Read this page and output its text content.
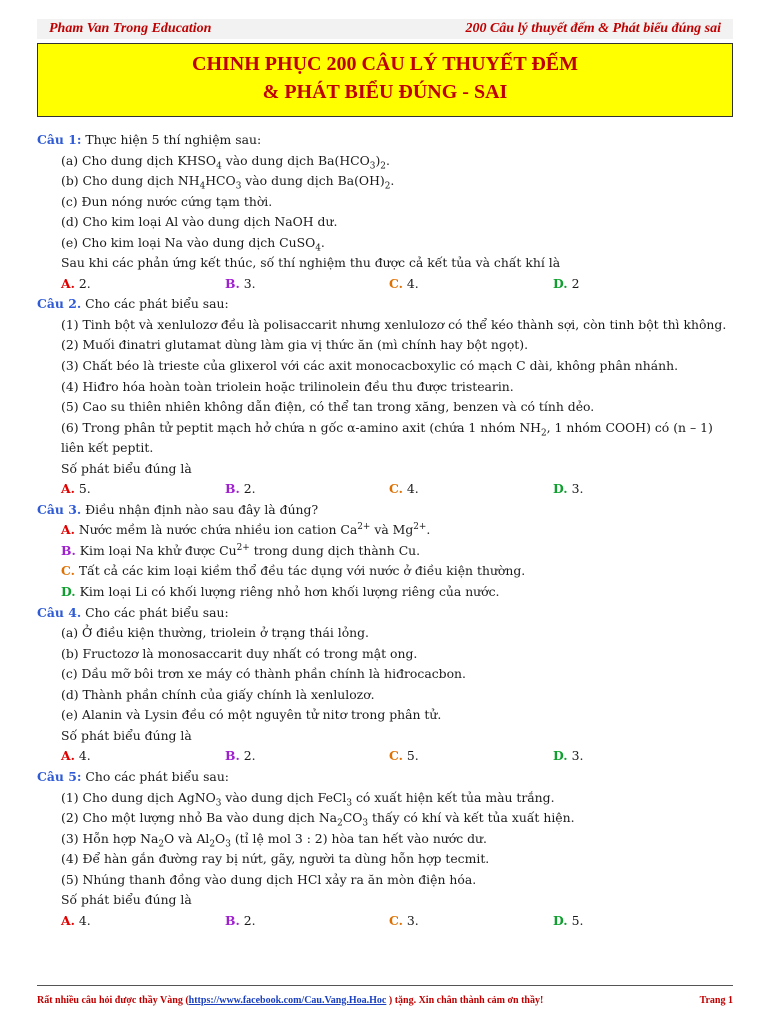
Pham Van Trong Education	200 Câu lý thuyết đếm & Phát biểu đúng sai
CHINH PHỤC 200 CÂU LÝ THUYẾT ĐẾM
& PHÁT BIỂU ĐÚNG - SAI
Câu 1: Thực hiện 5 thí nghiệm sau:
(a) Cho dung dịch $KHSO_4$ vào dung dịch $Ba(HCO_3)_2$.
(b) Cho dung dịch $NH_4HCO_3$ vào dung dịch $Ba(OH)_2$.
(c) Đun nóng nước cứng tạm thời.
(d) Cho kim loại Al vào dung dịch NaOH dư.
(e) Cho kim loại Na vào dung dịch CuSO$_4$.
Sau khi các phản ứng kết thúc, số thí nghiệm thu được cả kết tủa và chất khí là
A. 2.	B. 3.	C. 4.	D. 2
Câu 2. Cho các phát biểu sau:
(1) Tinh bột và xenlulozơ đều là polisaccarit nhưng xenlulozơ có thể kéo thành sợi, còn tinh bột thì không.
(2) Muối đinatri glutamat dùng làm gia vị thức ăn (mì chính hay bột ngọt).
(3) Chất béo là trieste của glixerol với các axit monocacboxylic có mạch C dài, không phân nhánh.
(4) Hiđro hóa hoàn toàn triolein hoặc trilinolein đều thu được tristearin.
(5) Cao su thiên nhiên không dẫn điện, có thể tan trong xăng, benzen và có tính dẻo.
(6) Trong phân tử peptit mạch hở chứa n gốc α-amino axit (chứa 1 nhóm $NH_2$, 1 nhóm COOH) có (n – 1) liên kết peptit.
Số phát biểu đúng là
A. 5.	B. 2.	C. 4.	D. 3.
Câu 3. Điều nhận định nào sau đây là đúng?
A. Nước mềm là nước chứa nhiều ion cation $Ca^{2+}$ và $Mg^{2+}$.
B. Kim loại Na khử được $Cu^{2+}$ trong dung dịch thành Cu.
C. Tất cả các kim loại kiềm thổ đều tác dụng với nước ở điều kiện thường.
D. Kim loại Li có khối lượng riêng nhỏ hơn khối lượng riêng của nước.
Câu 4. Cho các phát biểu sau:
(a) Ở điều kiện thường, triolein ở trạng thái lỏng.
(b) Fructozơ là monosaccarit duy nhất có trong mật ong.
(c) Dầu mỡ bôi trơn xe máy có thành phần chính là hiđrocacbon.
(d) Thành phần chính của giấy chính là xenlulozơ.
(e) Alanin và Lysin đều có một nguyên tử nitơ trong phân tử.
Số phát biểu đúng là
A. 4.	B. 2.	C. 5.	D. 3.
Câu 5: Cho các phát biểu sau:
(1) Cho dung dịch AgNO$_3$ vào dung dịch FeCl$_3$ có xuất hiện kết tủa màu trắng.
(2) Cho một lượng nhỏ Ba vào dung dịch $Na_2CO_3$ thấy có khí và kết tủa xuất hiện.
(3) Hỗn hợp $Na_2O$ và $Al_2O_3$ (tỉ lệ mol 3 : 2) hòa tan hết vào nước dư.
(4) Để hàn gắn đường ray bị nứt, gãy, người ta dùng hỗn hợp tecmit.
(5) Nhúng thanh đồng vào dung dịch HCl xảy ra ăn mòn điện hóa.
Số phát biểu đúng là
A. 4.	B. 2.	C. 3.	D. 5.
Rất nhiều câu hỏi được thầy Vàng (https://www.facebook.com/Cau.Vang.Hoa.Hoc ) tặng. Xin chân thành cảm ơn thầy!	Trang 1
